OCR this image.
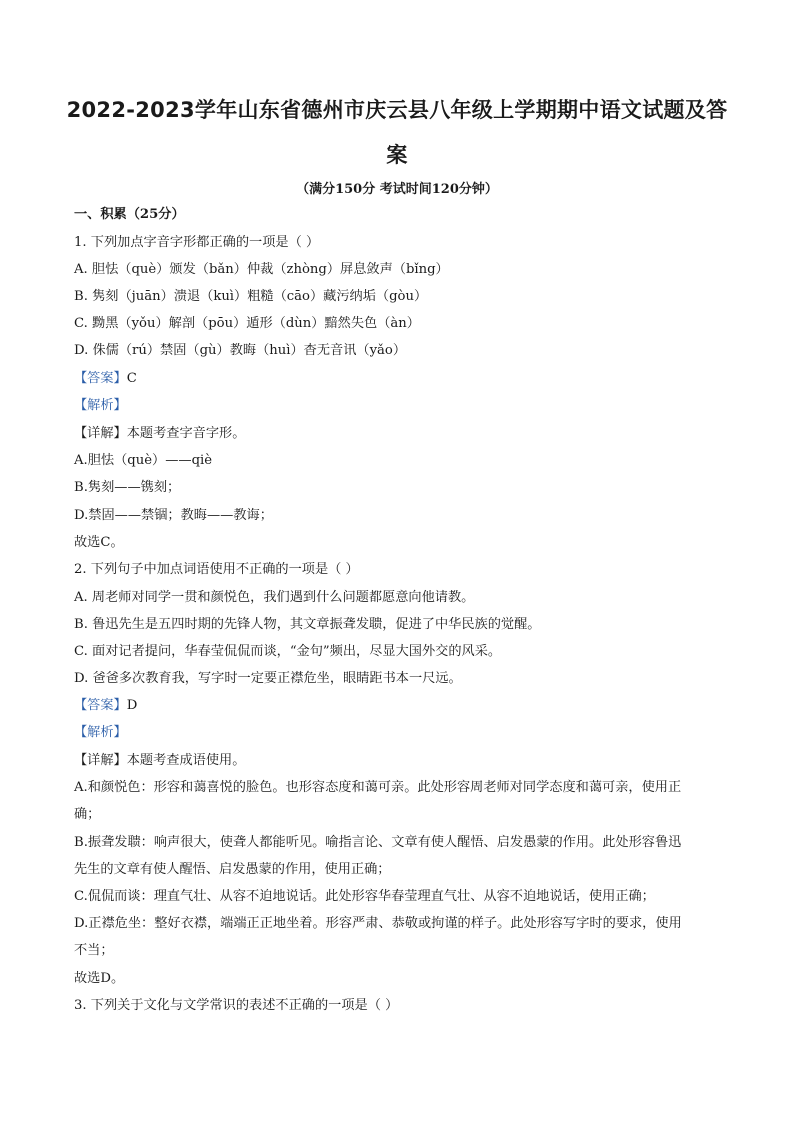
2022-2023学年山东省德州市庆云县八年级上学期期中语文试题及答
案
（满分150分 考试时间120分钟）
一、积累（25分）
1. 下列加点字音字形都正确的一项是（ ）
A. 胆怯（què）颁发（bǎn）仲裁（zhòng）屏息敛声（bǐng）
B. 隽刻（juān）溃退（kuì）粗糙（cāo）藏污纳垢（gòu）
C. 黝黑（yǒu）解剖（pōu）遁形（dùn）黯然失色（àn）
D. 侏儒（rú）禁固（gù）教晦（huì）杳无音讯（yǎo）
【答案】C
【解析】
【详解】本题考查字音字形。
A.胆怯（què）——qiè
B.隽刻——镌刻；
D.禁固——禁锢；教晦——教诲；
故选C。
2. 下列句子中加点词语使用不正确的一项是（ ）
A. 周老师对同学一贯和颜悦色，我们遇到什么问题都愿意向他请教。
B. 鲁迅先生是五四时期的先锋人物，其文章振聋发聩，促进了中华民族的觉醒。
C. 面对记者提问，华春莹侃侃而谈，“金句”频出，尽显大国外交的风采。
D. 爸爸多次教育我，写字时一定要正襟危坐，眼睛距书本一尺远。
【答案】D
【解析】
【详解】本题考查成语使用。
A.和颜悦色：形容和蔼喜悦的脸色。也形容态度和蔼可亲。此处形容周老师对同学态度和蔼可亲，使用正
确；
B.振聋发聩：响声很大，使聋人都能听见。喻指言论、文章有使人醒悟、启发愚蒙的作用。此处形容鲁迅
先生的文章有使人醒悟、启发愚蒙的作用，使用正确；
C.侃侃而谈：理直气壮、从容不迫地说话。此处形容华春莹理直气壮、从容不迫地说话，使用正确；
D.正襟危坐：整好衣襟，端端正正地坐着。形容严肃、恭敬或拘谨的样子。此处形容写字时的要求，使用
不当；
故选D。
3. 下列关于文化与文学常识的表述不正确的一项是（ ）
